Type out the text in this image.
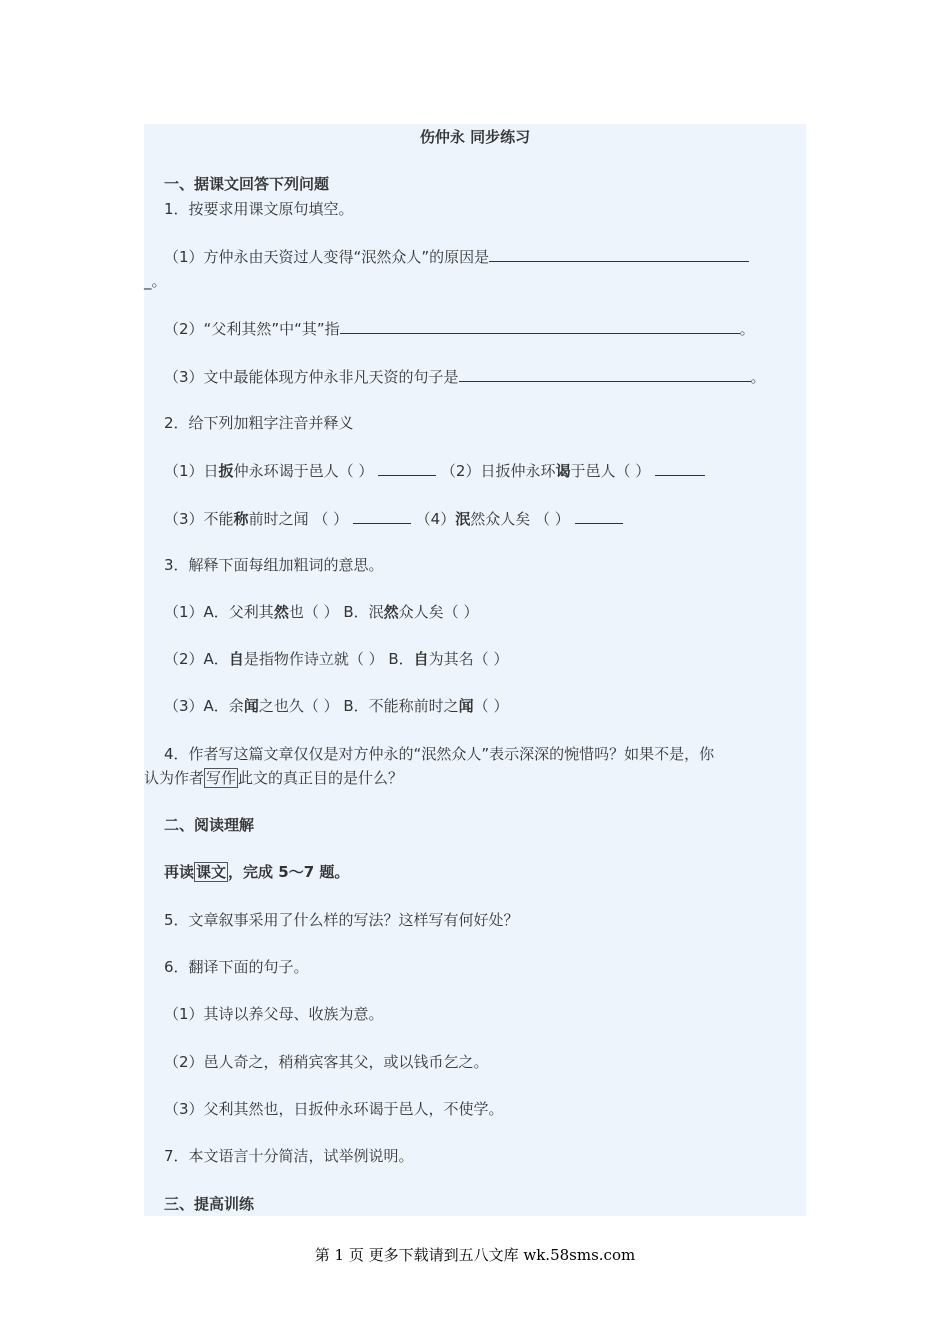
伤仲永 同步练习
一、据课文回答下列问题
1．按要求用课文原句填空。
（1）方仲永由天资过人变得“泯然众人”的原因是
_。
（2）“父利其然”中“其”指	。
（3）文中最能体现方仲永非凡天资的句子是	。
2．给下列加粗字注音并释义
（1）日扳仲永环谒于邑人（ ）	（2）日扳仲永环谒于邑人（ ）
（3）不能称前时之闻 （ ）	（4）泯然众人矣 （ ）
3．解释下面每组加粗词的意思。
（1）A．父利其然也（ ） B．泯然众人矣（ ）
（2）A．自是指物作诗立就（ ） B．自为其名（ ）
（3）A．余闻之也久（ ） B．不能称前时之闻（ ）
4．作者写这篇文章仅仅是对方仲永的“泯然众人”表示深深的惋惜吗？如果不是，你
认为作者 写作 此文的真正目的是什么？
二、阅读理解
再读 课文 ，完成 5～7 题。
5．文章叙事采用了什么样的写法？这样写有何好处？
6．翻译下面的句子。
（1）其诗以养父母、收族为意。
（2）邑人奇之，稍稍宾客其父，或以钱币乞之。
（3）父利其然也，日扳仲永环谒于邑人，不使学。
7．本文语言十分简洁，试举例说明。
三、提高训练
第 1 页 更多下载请到五八文库 wk.58sms.com
